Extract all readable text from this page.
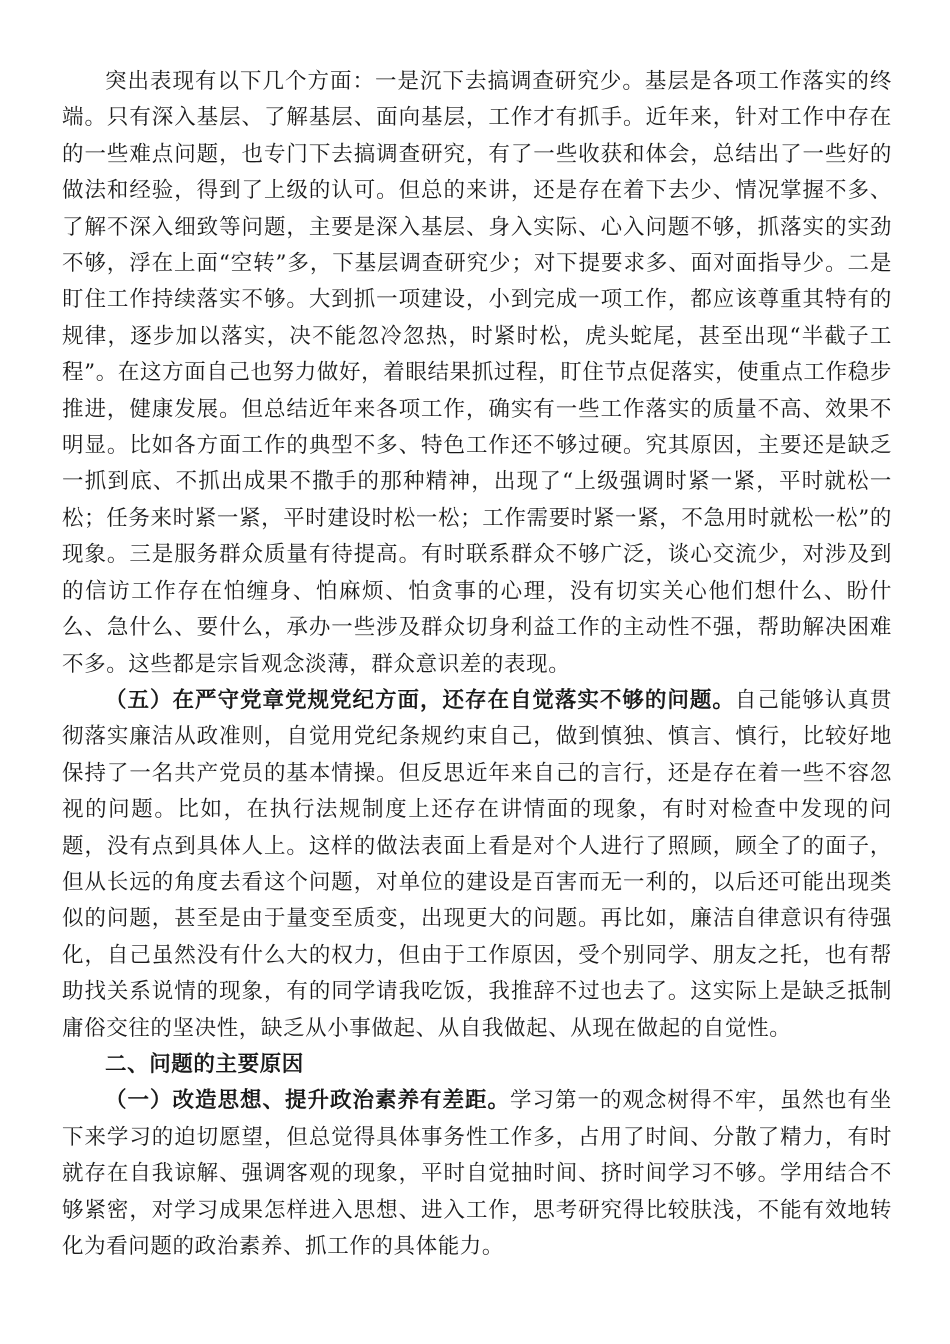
突出表现有以下几个方面：一是沉下去搞调查研究少。基层是各项工作落实的终端。只有深入基层、了解基层、面向基层，工作才有抓手。近年来，针对工作中存在的一些难点问题，也专门下去搞调查研究，有了一些收获和体会，总结出了一些好的做法和经验，得到了上级的认可。但总的来讲，还是存在着下去少、情况掌握不多、了解不深入细致等问题，主要是深入基层、身入实际、心入问题不够，抓落实的实劲不够，浮在上面“空转”多，下基层调查研究少；对下提要求多、面对面指导少。二是盯住工作持续落实不够。大到抓一项建设，小到完成一项工作，都应该尊重其特有的规律，逐步加以落实，决不能忽冷忽热，时紧时松，虎头蛇尾，甚至出现“半截子工程”。在这方面自己也努力做好，着眼结果抓过程，盯住节点促落实，使重点工作稳步推进，健康发展。但总结近年来各项工作，确实有一些工作落实的质量不高、效果不明显。比如各方面工作的典型不多、特色工作还不够过硬。究其原因，主要还是缺乏一抓到底、不抓出成果不撒手的那种精神，出现了“上级强调时紧一紧，平时就松一松；任务来时紧一紧，平时建设时松一松；工作需要时紧一紧，不急用时就松一松”的现象。三是服务群众质量有待提高。有时联系群众不够广泛，谈心交流少，对涉及到的信访工作存在怕缠身、怕麻烦、怕贪事的心理，没有切实关心他们想什么、盼什么、急什么、要什么，承办一些涉及群众切身利益工作的主动性不强，帮助解决困难不多。这些都是宗旨观念淡薄，群众意识差的表现。

（五）在严守党章党规党纪方面，还存在自觉落实不够的问题。自己能够认真贯彻落实廉洁从政准则，自觉用党纪条规约束自己，做到慎独、慎言、慎行，比较好地保持了一名共产党员的基本情操。但反思近年来自己的言行，还是存在着一些不容忽视的问题。比如，在执行法规制度上还存在讲情面的现象，有时对检查中发现的问题，没有点到具体人上。这样的做法表面上看是对个人进行了照顾，顾全了的面子，但从长远的角度去看这个问题，对单位的建设是百害而无一利的，以后还可能出现类似的问题，甚至是由于量变至质变，出现更大的问题。再比如，廉洁自律意识有待强化，自己虽然没有什么大的权力，但由于工作原因，受个别同学、朋友之托，也有帮助找关系说情的现象，有的同学请我吃饭，我推辞不过也去了。这实际上是缺乏抵制庸俗交往的坚决性，缺乏从小事做起、从自我做起、从现在做起的自觉性。

二、问题的主要原因

（一）改造思想、提升政治素养有差距。学习第一的观念树得不牢，虽然也有坐下来学习的迫切愿望，但总觉得具体事务性工作多，占用了时间、分散了精力，有时就存在自我谅解、强调客观的现象，平时自觉抽时间、挤时间学习不够。学用结合不够紧密，对学习成果怎样进入思想、进入工作，思考研究得比较肤浅，不能有效地转化为看问题的政治素养、抓工作的具体能力。
